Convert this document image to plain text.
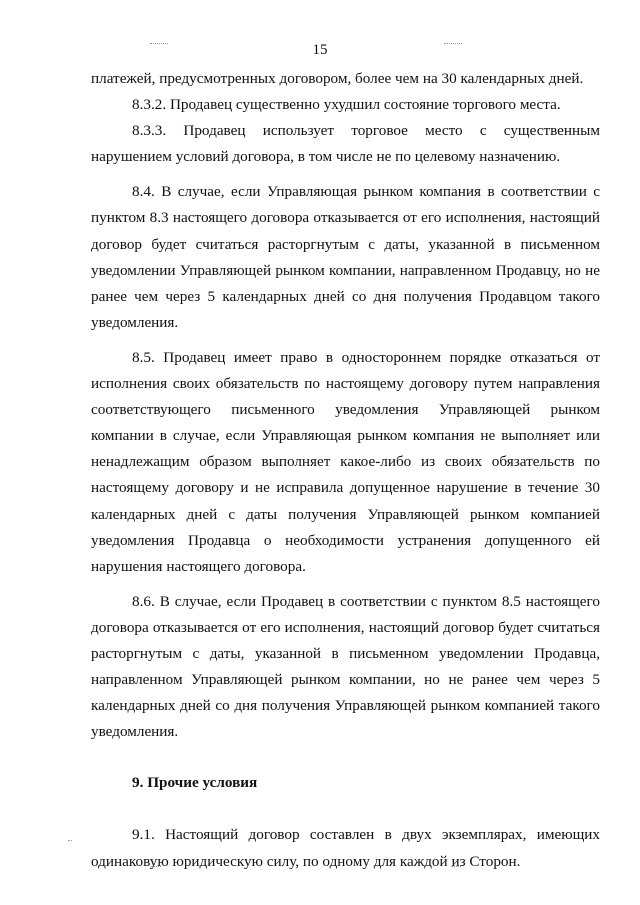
15

платежей, предусмотренных договором, более чем на 30 календарных дней.

8.3.2. Продавец существенно ухудшил состояние торгового места.

8.3.3. Продавец использует торговое место с существенным нарушением условий договора, в том числе не по целевому назначению.

8.4. В случае, если Управляющая рынком компания в соответствии с пунктом 8.3 настоящего договора отказывается от его исполнения, настоящий договор будет считаться расторгнутым с даты, указанной в письменном уведомлении Управляющей рынком компании, направленном Продавцу, но не ранее чем через 5 календарных дней со дня получения Продавцом такого уведомления.

8.5. Продавец имеет право в одностороннем порядке отказаться от исполнения своих обязательств по настоящему договору путем направления соответствующего письменного уведомления Управляющей рынком компании в случае, если Управляющая рынком компания не выполняет или ненадлежащим образом выполняет какое-либо из своих обязательств по настоящему договору и не исправила допущенное нарушение в течение 30 календарных дней с даты получения Управляющей рынком компанией уведомления Продавца о необходимости устранения допущенного ей нарушения настоящего договора.

8.6. В случае, если Продавец в соответствии с пунктом 8.5 настоящего договора отказывается от его исполнения, настоящий договор будет считаться расторгнутым с даты, указанной в письменном уведомлении Продавца, направленном Управляющей рынком компании, но не ранее чем через 5 календарных дней со дня получения Управляющей рынком компанией такого уведомления.

9. Прочие условия

9.1. Настоящий договор составлен в двух экземплярах, имеющих одинаковую юридическую силу, по одному для каждой из Сторон.
